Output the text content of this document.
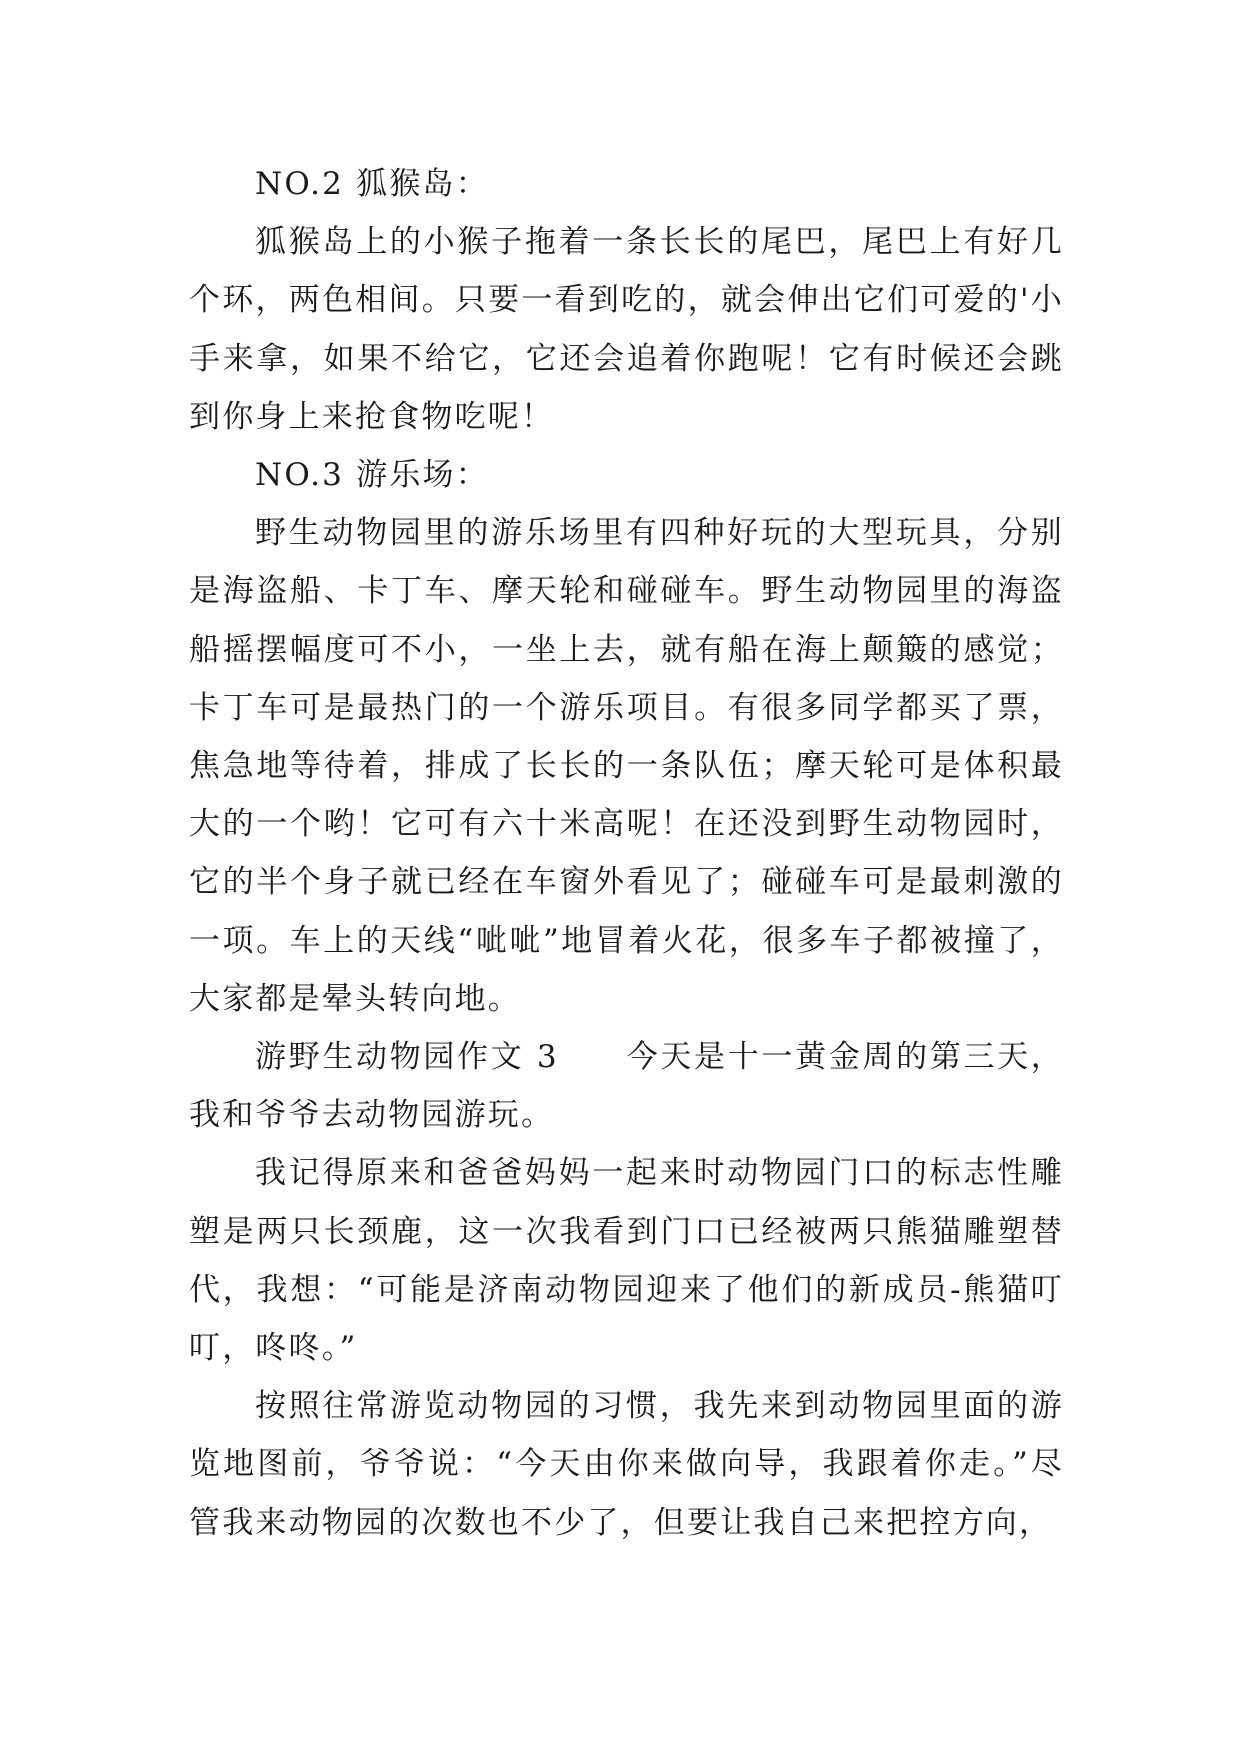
NO.2 狐猴岛：

狐猴岛上的小猴子拖着一条长长的尾巴，尾巴上有好几个环，两色相间。只要一看到吃的，就会伸出它们可爱的'小手来拿，如果不给它，它还会追着你跑呢！它有时候还会跳到你身上来抢食物吃呢！

NO.3 游乐场：

野生动物园里的游乐场里有四种好玩的大型玩具，分别是海盗船、卡丁车、摩天轮和碰碰车。野生动物园里的海盗船摇摆幅度可不小，一坐上去，就有船在海上颠簸的感觉；卡丁车可是最热门的一个游乐项目。有很多同学都买了票，焦急地等待着，排成了长长的一条队伍；摩天轮可是体积最大的一个哟！它可有六十米高呢！在还没到野生动物园时，它的半个身子就已经在车窗外看见了；碰碰车可是最刺激的一项。车上的天线“呲呲”地冒着火花，很多车子都被撞了，大家都是晕头转向地。

游野生动物园作文 3　　今天是十一黄金周的第三天，我和爷爷去动物园游玩。

我记得原来和爸爸妈妈一起来时动物园门口的标志性雕塑是两只长颈鹿，这一次我看到门口已经被两只熊猫雕塑替代，我想：“可能是济南动物园迎来了他们的新成员-熊猫叮叮，咚咚。”

按照往常游览动物园的习惯，我先来到动物园里面的游览地图前，爷爷说：“今天由你来做向导，我跟着你走。”尽管我来动物园的次数也不少了，但要让我自己来把控方向，
